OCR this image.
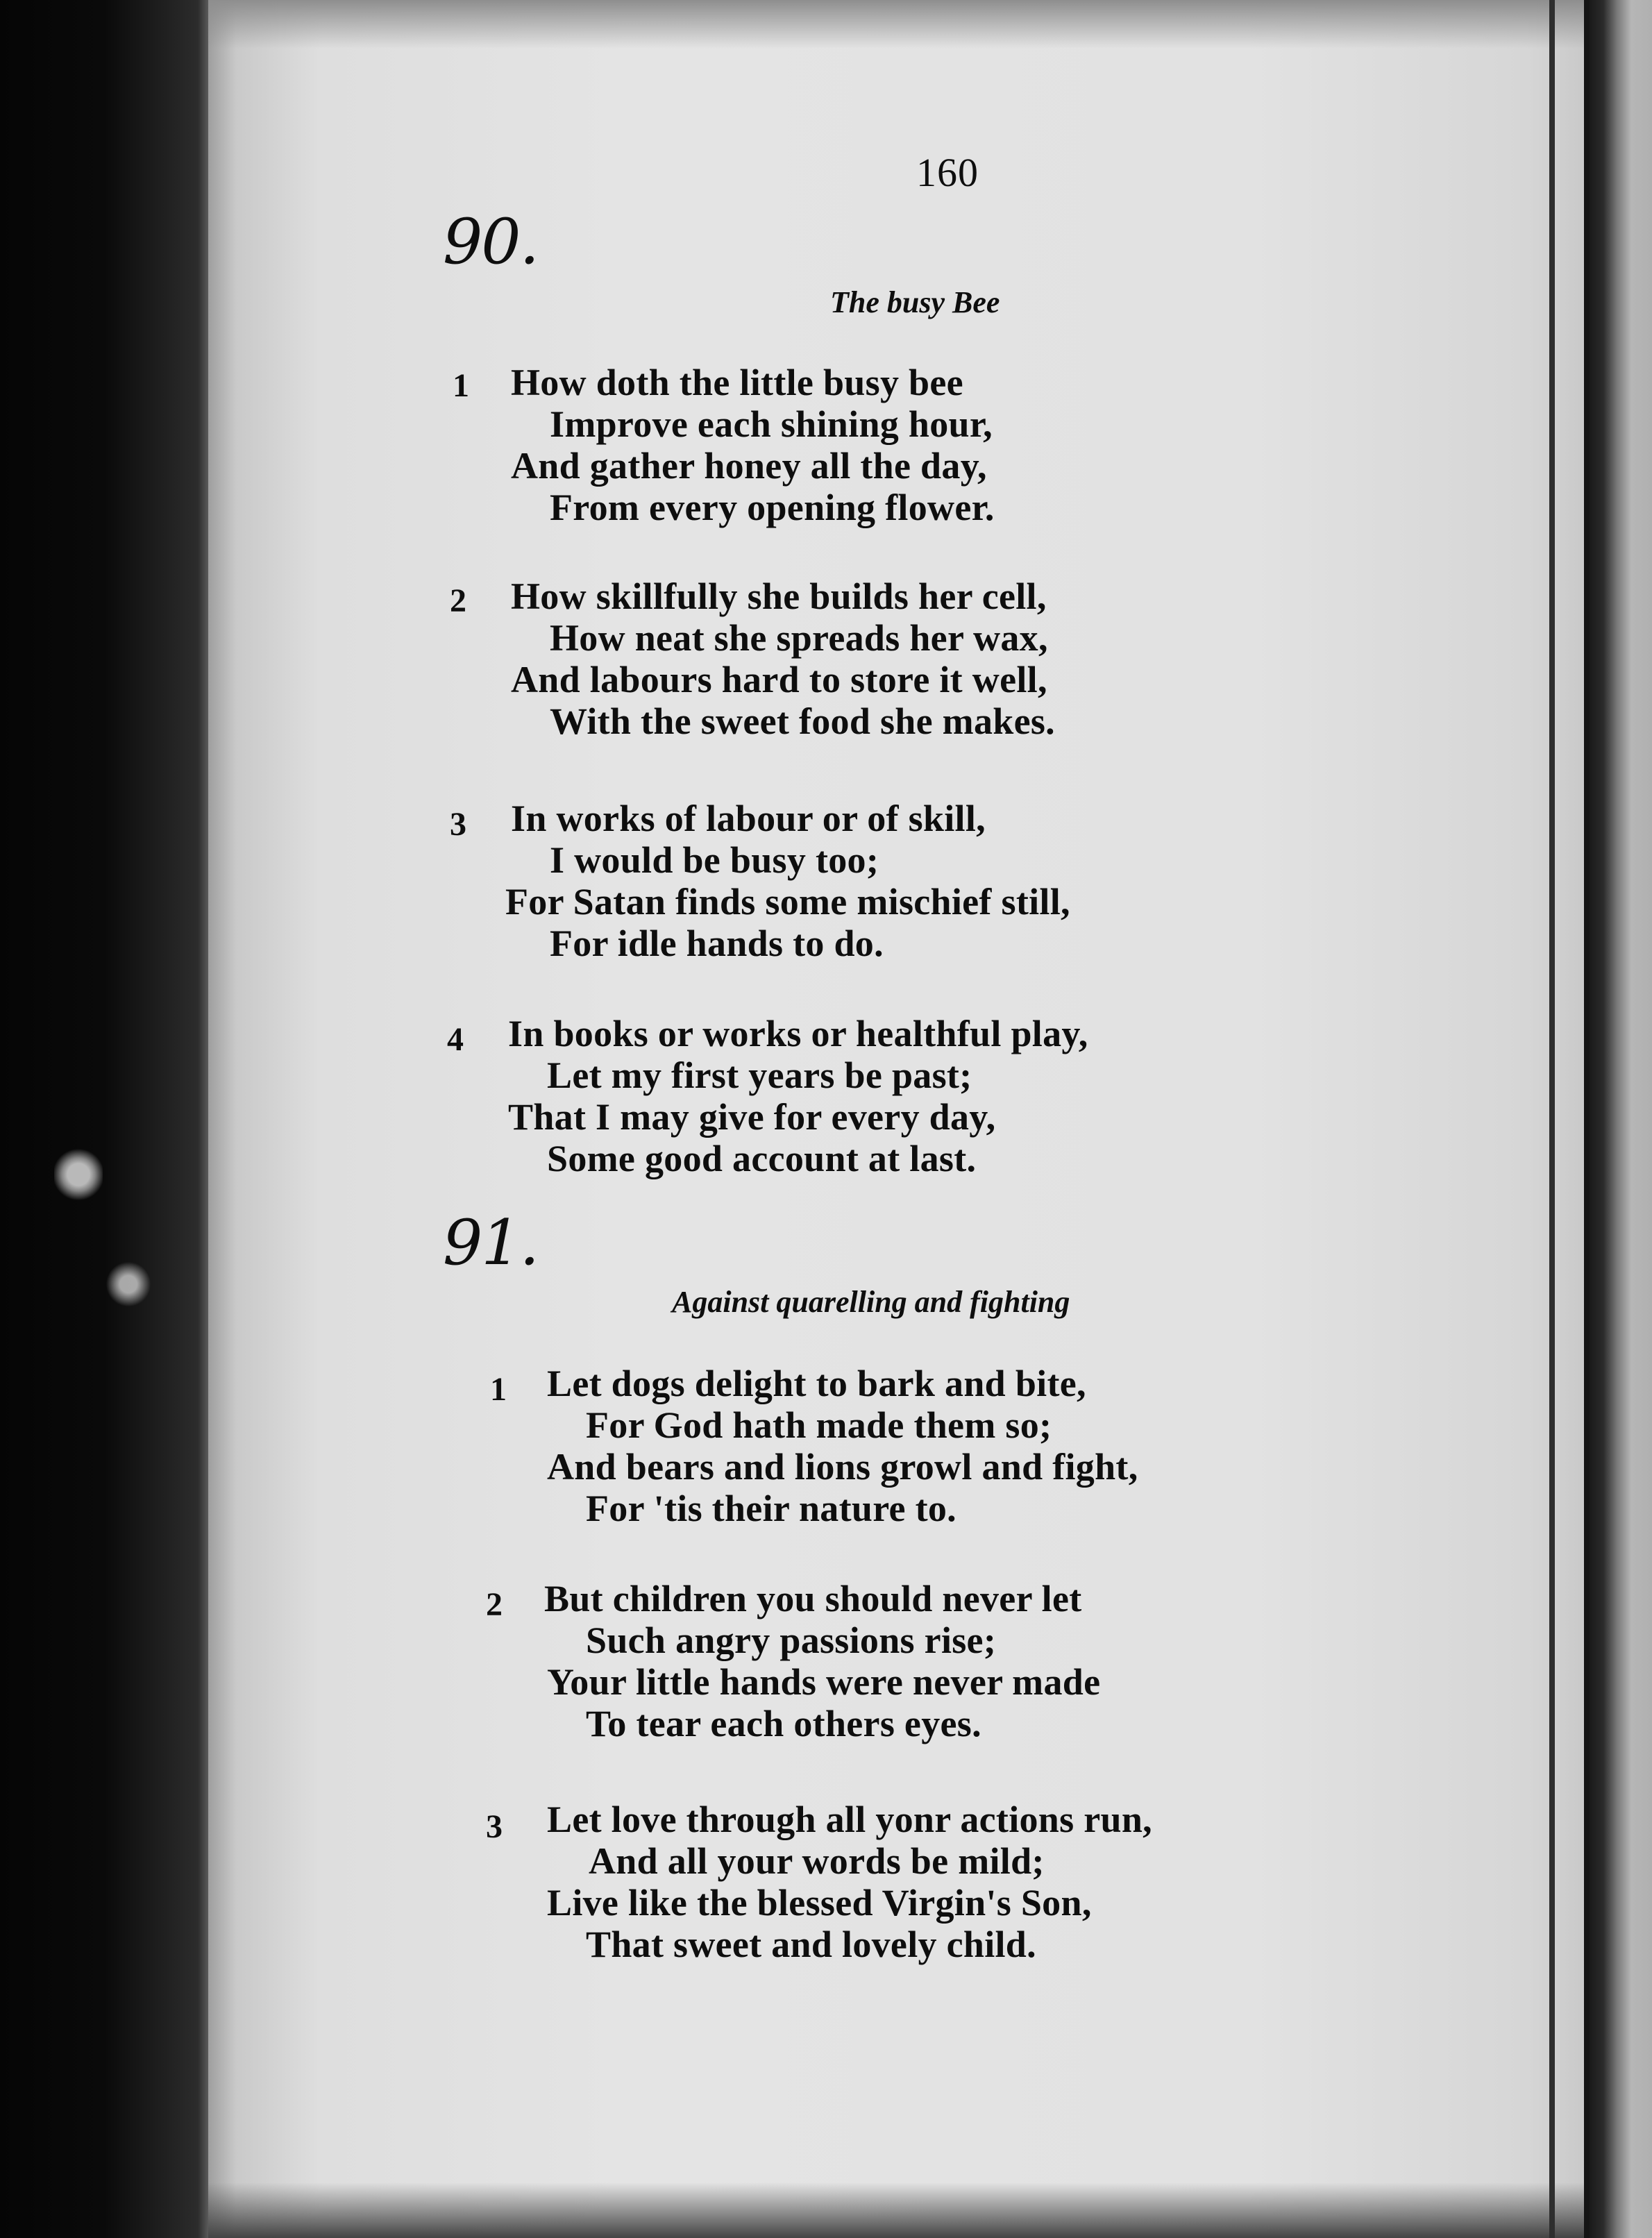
160
90.
The busy Bee
1 How doth the little busy bee
Improve each shining hour,
And gather honey all the day,
From every opening flower.
2 How skillfully she builds her cell,
How neat she spreads her wax,
And labours hard to store it well,
With the sweet food she makes.
3 In works of labour or of skill,
I would be busy too;
For Satan finds some mischief still,
For idle hands to do.
4 In books or works or healthful play,
Let my first years be past;
That I may give for every day,
Some good account at last.
91.
Against quarelling and fighting
1 Let dogs delight to bark and bite,
For God hath made them so;
And bears and lions growl and fight,
For 'tis their nature to.
2 But children you should never let
Such angry passions rise;
Your little hands were never made
To tear each others eyes.
3 Let love through all yonr actions run,
And all your words be mild;
Live like the blessed Virgin's Son,
That sweet and lovely child.
